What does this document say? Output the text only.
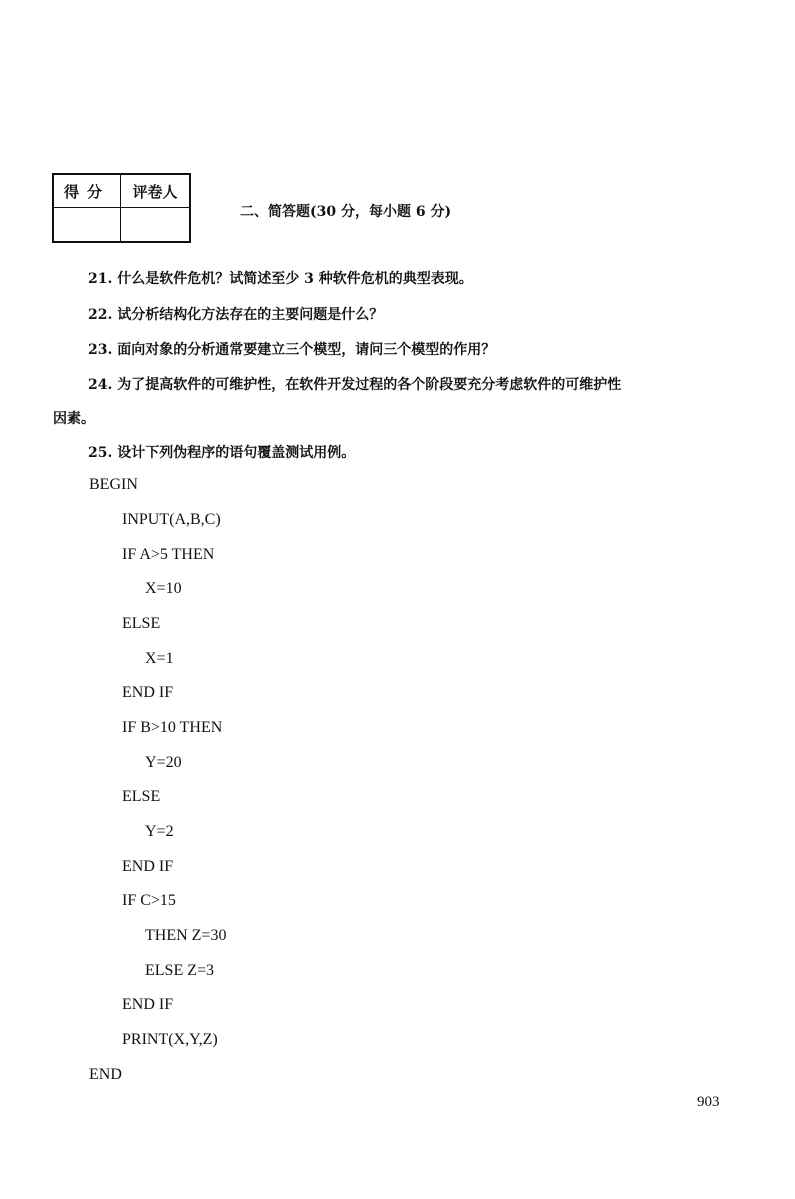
得分	评卷人

二、简答题(30 分，每小题 6 分)
21. 什么是软件危机？试简述至少 3 种软件危机的典型表现。
22. 试分析结构化方法存在的主要问题是什么？
23. 面向对象的分析通常要建立三个模型，请问三个模型的作用？
24. 为了提高软件的可维护性，在软件开发过程的各个阶段要充分考虑软件的可维护性
因素。
25. 设计下列伪程序的语句覆盖测试用例。
BEGIN
INPUT(A,B,C)
IF A>5 THEN
X=10
ELSE
X=1
END IF
IF B>10 THEN
Y=20
ELSE
Y=2
END IF
IF C>15
THEN Z=30
ELSE Z=3
END IF
PRINT(X,Y,Z)
END
903
